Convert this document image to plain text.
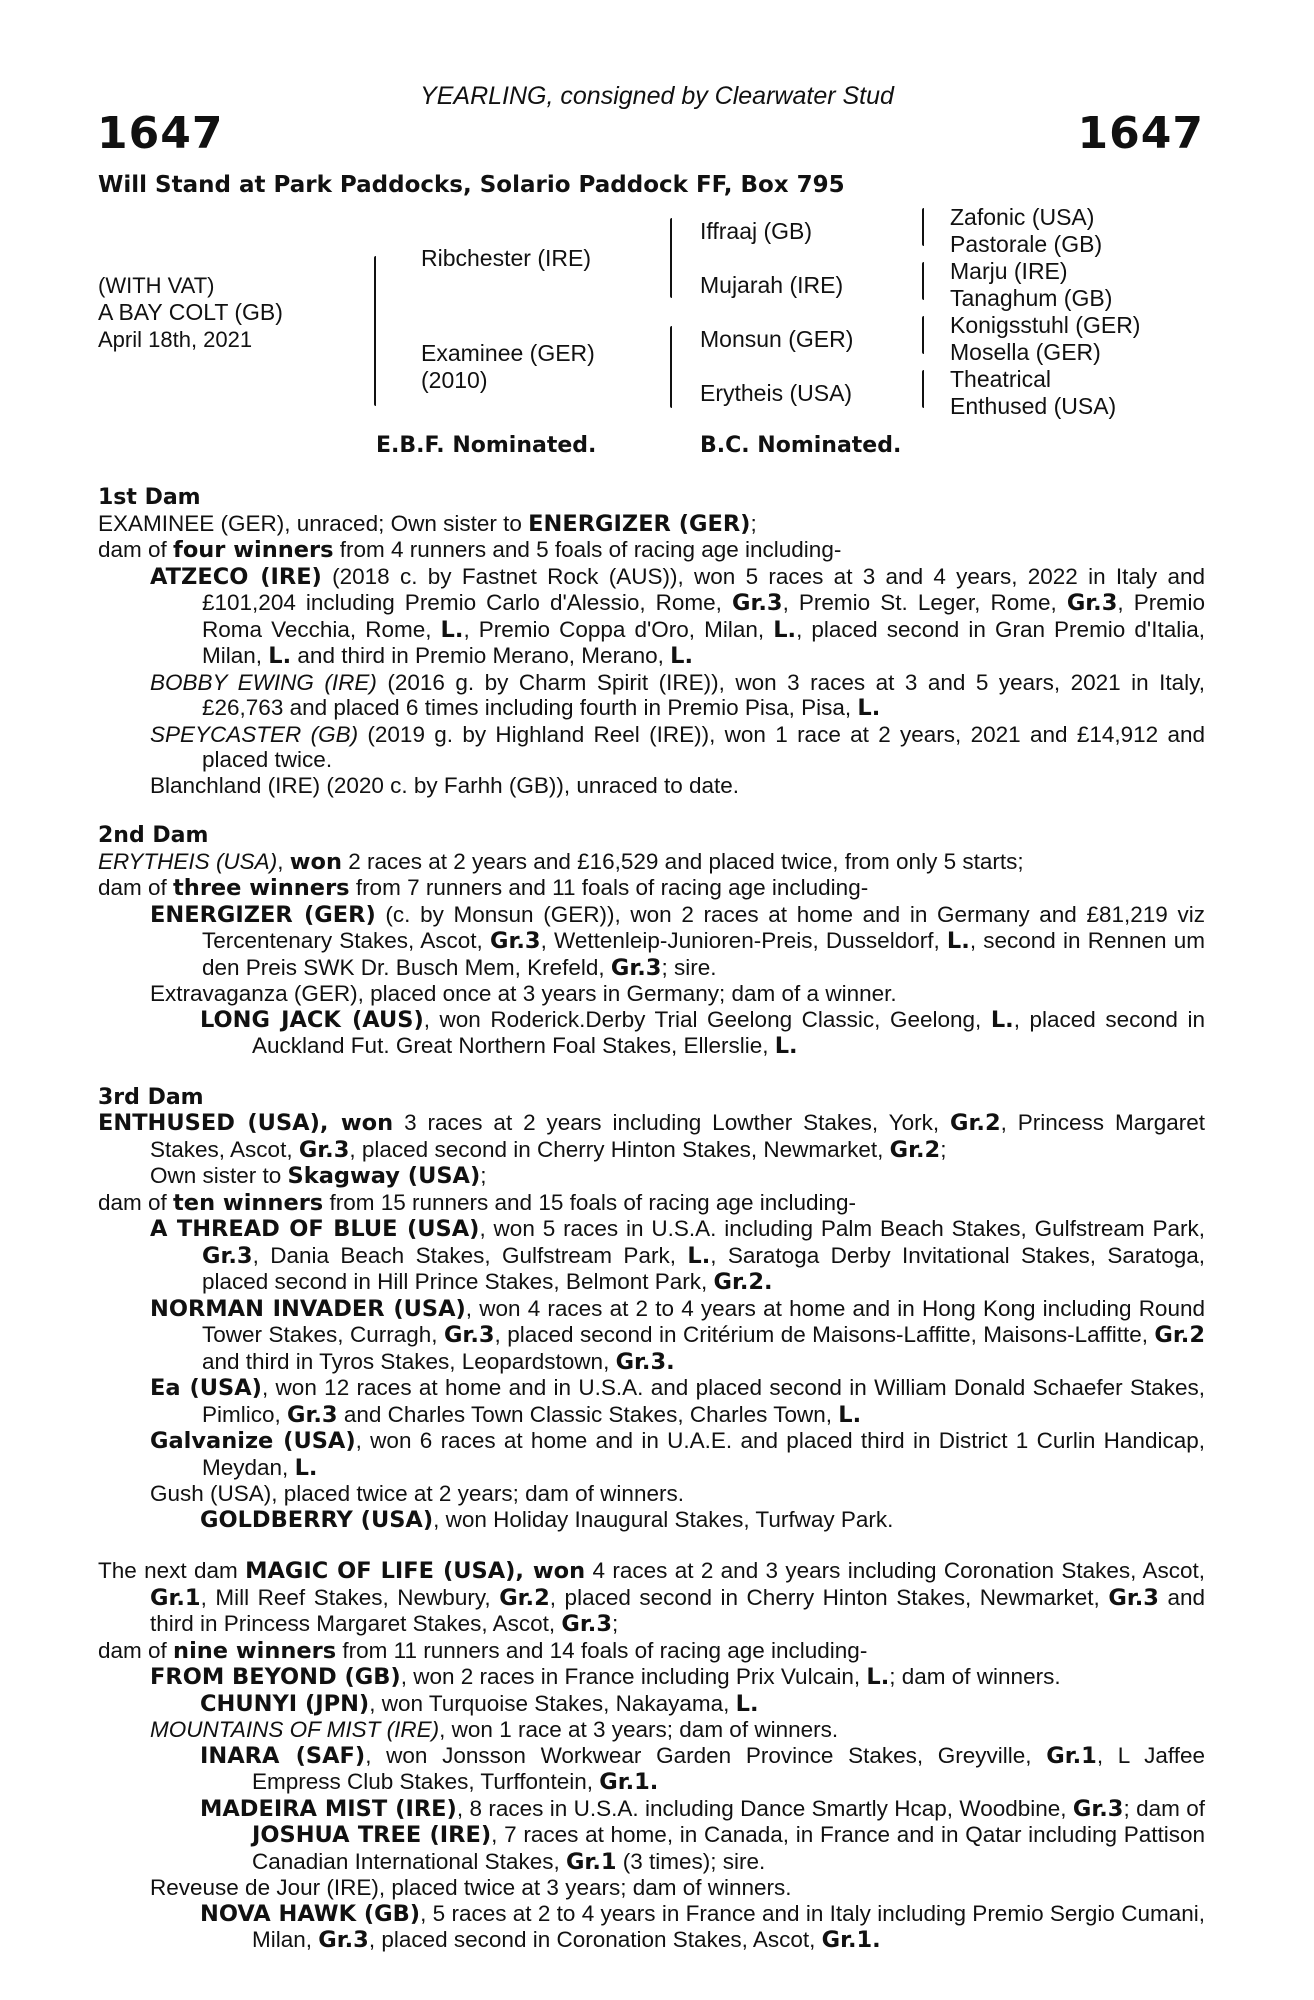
YEARLING, consigned by Clearwater Stud
1647	1647
Will Stand at Park Paddocks, Solario Paddock FF, Box 795
(WITH VAT)
A BAY COLT (GB)
April 18th, 2021
Ribchester (IRE)
Examinee (GER)
(2010)
Iffraaj (GB)
Mujarah (IRE)
Monsun (GER)
Erytheis (USA)
Zafonic (USA)
Pastorale (GB)
Marju (IRE)
Tanaghum (GB)
Konigsstuhl (GER)
Mosella (GER)
Theatrical
Enthused (USA)
E.B.F. Nominated.	B.C. Nominated.
1st Dam
EXAMINEE (GER), unraced; Own sister to ENERGIZER (GER);
dam of four winners from 4 runners and 5 foals of racing age including-
ATZECO (IRE) (2018 c. by Fastnet Rock (AUS)), won 5 races at 3 and 4 years, 2022 in Italy and £101,204 including Premio Carlo d'Alessio, Rome, Gr.3, Premio St. Leger, Rome, Gr.3, Premio Roma Vecchia, Rome, L., Premio Coppa d'Oro, Milan, L., placed second in Gran Premio d'Italia, Milan, L. and third in Premio Merano, Merano, L.
BOBBY EWING (IRE) (2016 g. by Charm Spirit (IRE)), won 3 races at 3 and 5 years, 2021 in Italy, £26,763 and placed 6 times including fourth in Premio Pisa, Pisa, L.
SPEYCASTER (GB) (2019 g. by Highland Reel (IRE)), won 1 race at 2 years, 2021 and £14,912 and placed twice.
Blanchland (IRE) (2020 c. by Farhh (GB)), unraced to date.
2nd Dam
ERYTHEIS (USA), won 2 races at 2 years and £16,529 and placed twice, from only 5 starts;
dam of three winners from 7 runners and 11 foals of racing age including-
ENERGIZER (GER) (c. by Monsun (GER)), won 2 races at home and in Germany and £81,219 viz Tercentenary Stakes, Ascot, Gr.3, Wettenleip-Junioren-Preis, Dusseldorf, L., second in Rennen um den Preis SWK Dr. Busch Mem, Krefeld, Gr.3; sire.
Extravaganza (GER), placed once at 3 years in Germany; dam of a winner.
LONG JACK (AUS), won Roderick.Derby Trial Geelong Classic, Geelong, L., placed second in Auckland Fut. Great Northern Foal Stakes, Ellerslie, L.
3rd Dam
ENTHUSED (USA), won 3 races at 2 years including Lowther Stakes, York, Gr.2, Princess Margaret Stakes, Ascot, Gr.3, placed second in Cherry Hinton Stakes, Newmarket, Gr.2;
Own sister to Skagway (USA);
dam of ten winners from 15 runners and 15 foals of racing age including-
A THREAD OF BLUE (USA), won 5 races in U.S.A. including Palm Beach Stakes, Gulfstream Park, Gr.3, Dania Beach Stakes, Gulfstream Park, L., Saratoga Derby Invitational Stakes, Saratoga, placed second in Hill Prince Stakes, Belmont Park, Gr.2.
NORMAN INVADER (USA), won 4 races at 2 to 4 years at home and in Hong Kong including Round Tower Stakes, Curragh, Gr.3, placed second in Critérium de Maisons-Laffitte, Maisons-Laffitte, Gr.2 and third in Tyros Stakes, Leopardstown, Gr.3.
Ea (USA), won 12 races at home and in U.S.A. and placed second in William Donald Schaefer Stakes, Pimlico, Gr.3 and Charles Town Classic Stakes, Charles Town, L.
Galvanize (USA), won 6 races at home and in U.A.E. and placed third in District 1 Curlin Handicap, Meydan, L.
Gush (USA), placed twice at 2 years; dam of winners.
GOLDBERRY (USA), won Holiday Inaugural Stakes, Turfway Park.
The next dam MAGIC OF LIFE (USA), won 4 races at 2 and 3 years including Coronation Stakes, Ascot, Gr.1, Mill Reef Stakes, Newbury, Gr.2, placed second in Cherry Hinton Stakes, Newmarket, Gr.3 and third in Princess Margaret Stakes, Ascot, Gr.3;
dam of nine winners from 11 runners and 14 foals of racing age including-
FROM BEYOND (GB), won 2 races in France including Prix Vulcain, L.; dam of winners.
CHUNYI (JPN), won Turquoise Stakes, Nakayama, L.
MOUNTAINS OF MIST (IRE), won 1 race at 3 years; dam of winners.
INARA (SAF), won Jonsson Workwear Garden Province Stakes, Greyville, Gr.1, L Jaffee Empress Club Stakes, Turffontein, Gr.1.
MADEIRA MIST (IRE), 8 races in U.S.A. including Dance Smartly Hcap, Woodbine, Gr.3; dam of JOSHUA TREE (IRE), 7 races at home, in Canada, in France and in Qatar including Pattison Canadian International Stakes, Gr.1 (3 times); sire.
Reveuse de Jour (IRE), placed twice at 3 years; dam of winners.
NOVA HAWK (GB), 5 races at 2 to 4 years in France and in Italy including Premio Sergio Cumani, Milan, Gr.3, placed second in Coronation Stakes, Ascot, Gr.1.
